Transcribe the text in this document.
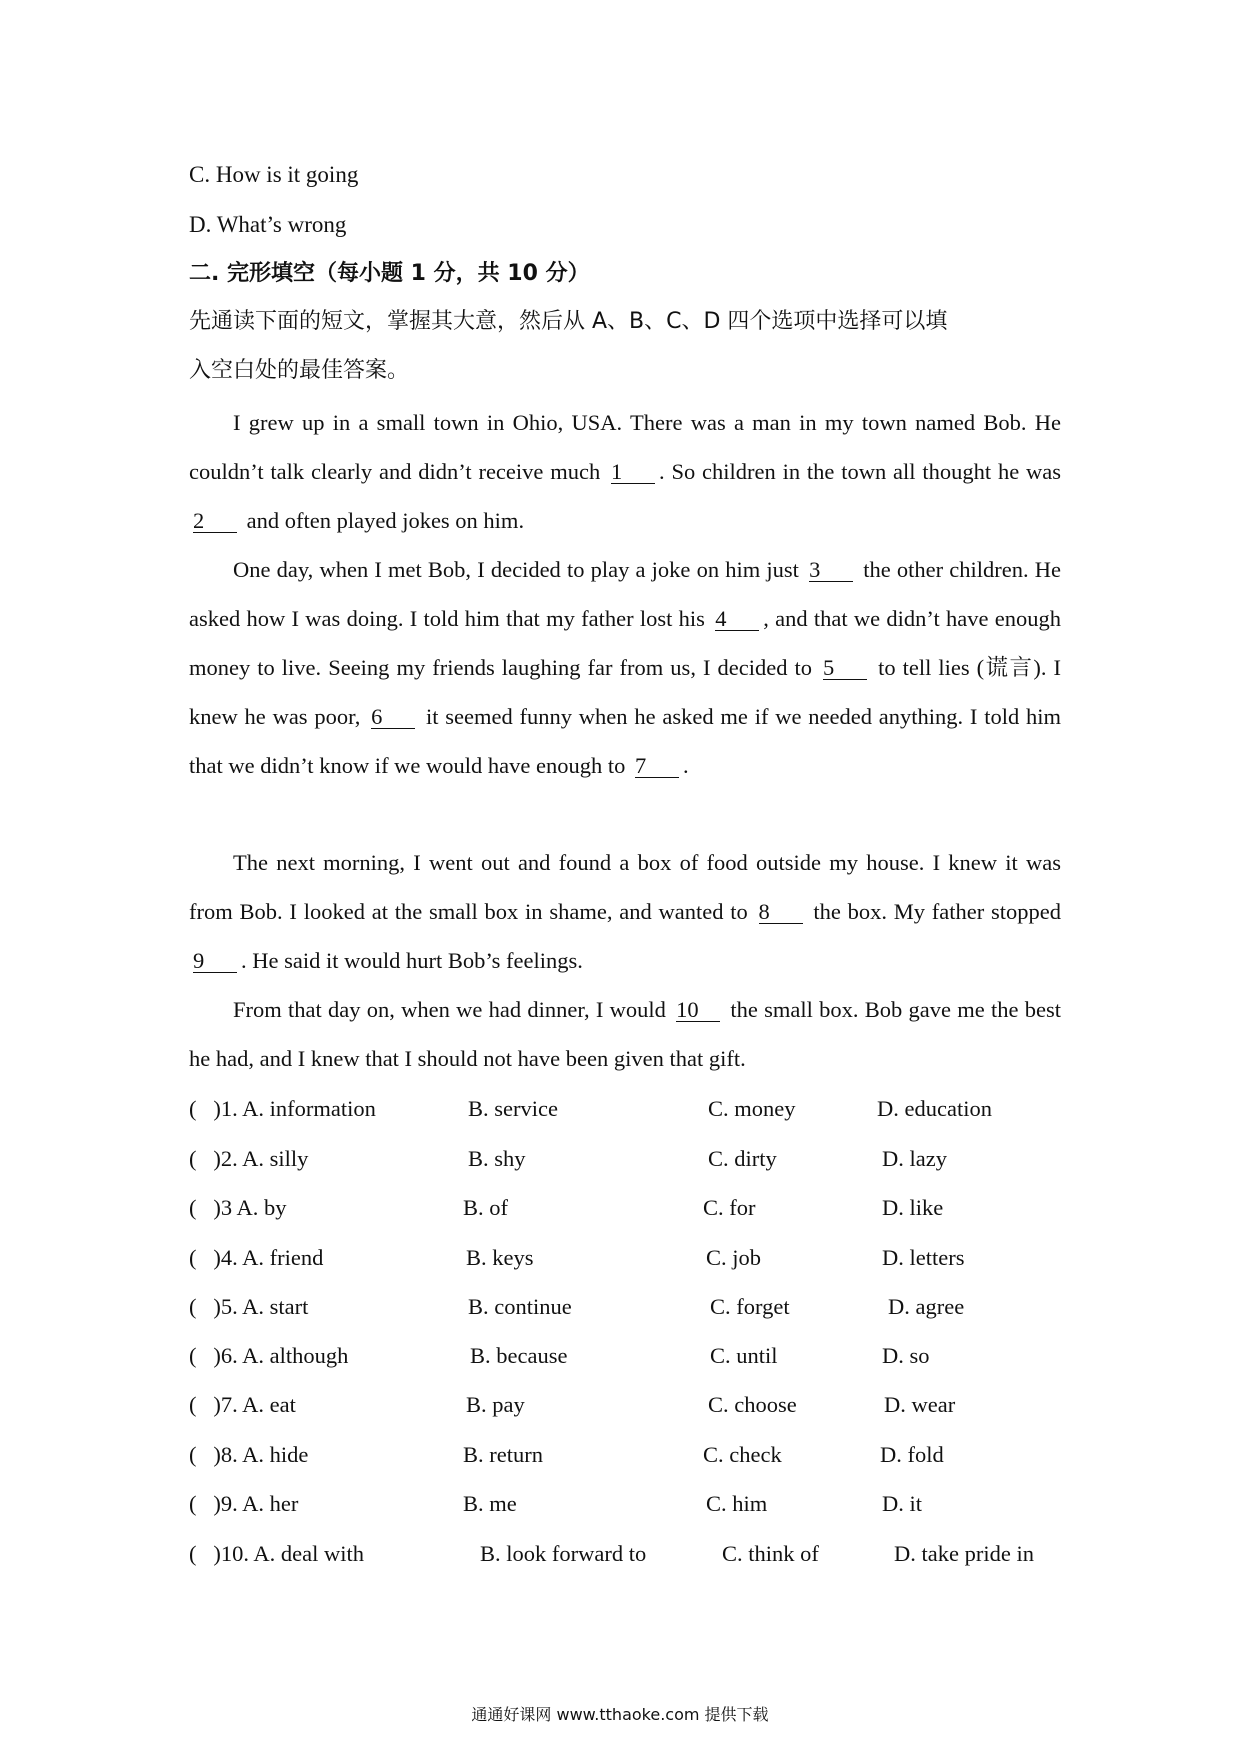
C. How is it going
D. What’s wrong
二. 完形填空（每小题 1 分，共 10 分）
先通读下面的短文，掌握其大意，然后从 A、B、C、D 四个选项中选择可以填
入空白处的最佳答案。
I grew up in a small town in Ohio, USA. There was a man in my town named Bob. He couldn’t talk clearly and didn’t receive much 1 . So children in the town all thought he was 2 and often played jokes on him.
One day, when I met Bob, I decided to play a joke on him just 3 the other children. He asked how I was doing. I told him that my father lost his 4 , and that we didn’t have enough money to live. Seeing my friends laughing far from us, I decided to 5 to tell lies (谎言). I knew he was poor, 6 it seemed funny when he asked me if we needed anything. I told him that we didn’t know if we would have enough to 7 .
The next morning, I went out and found a box of food outside my house. I knew it was from Bob. I looked at the small box in shame, and wanted to 8 the box. My father stopped 9 . He said it would hurt Bob’s feelings.
From that day on, when we had dinner, I would 10 the small box. Bob gave me the best he had, and I knew that I should not have been given that gift.
(   )1. A. information	B. service	C. money	D. education
(   )2. A. silly	B. shy	C. dirty	D. lazy
(   )3 A. by	B. of	C. for	D. like
(   )4. A. friend	B. keys	C. job	D. letters
(   )5. A. start	B. continue	C. forget	D. agree
(   )6. A. although	B. because	C. until	D. so
(   )7. A. eat	B. pay	C. choose	D. wear
(   )8. A. hide	B. return	C. check	D. fold
(   )9. A. her	B. me	C. him	D. it
(   )10. A. deal with	B. look forward to	C. think of	D. take pride in
通通好课网 www.tthaoke.com 提供下载
